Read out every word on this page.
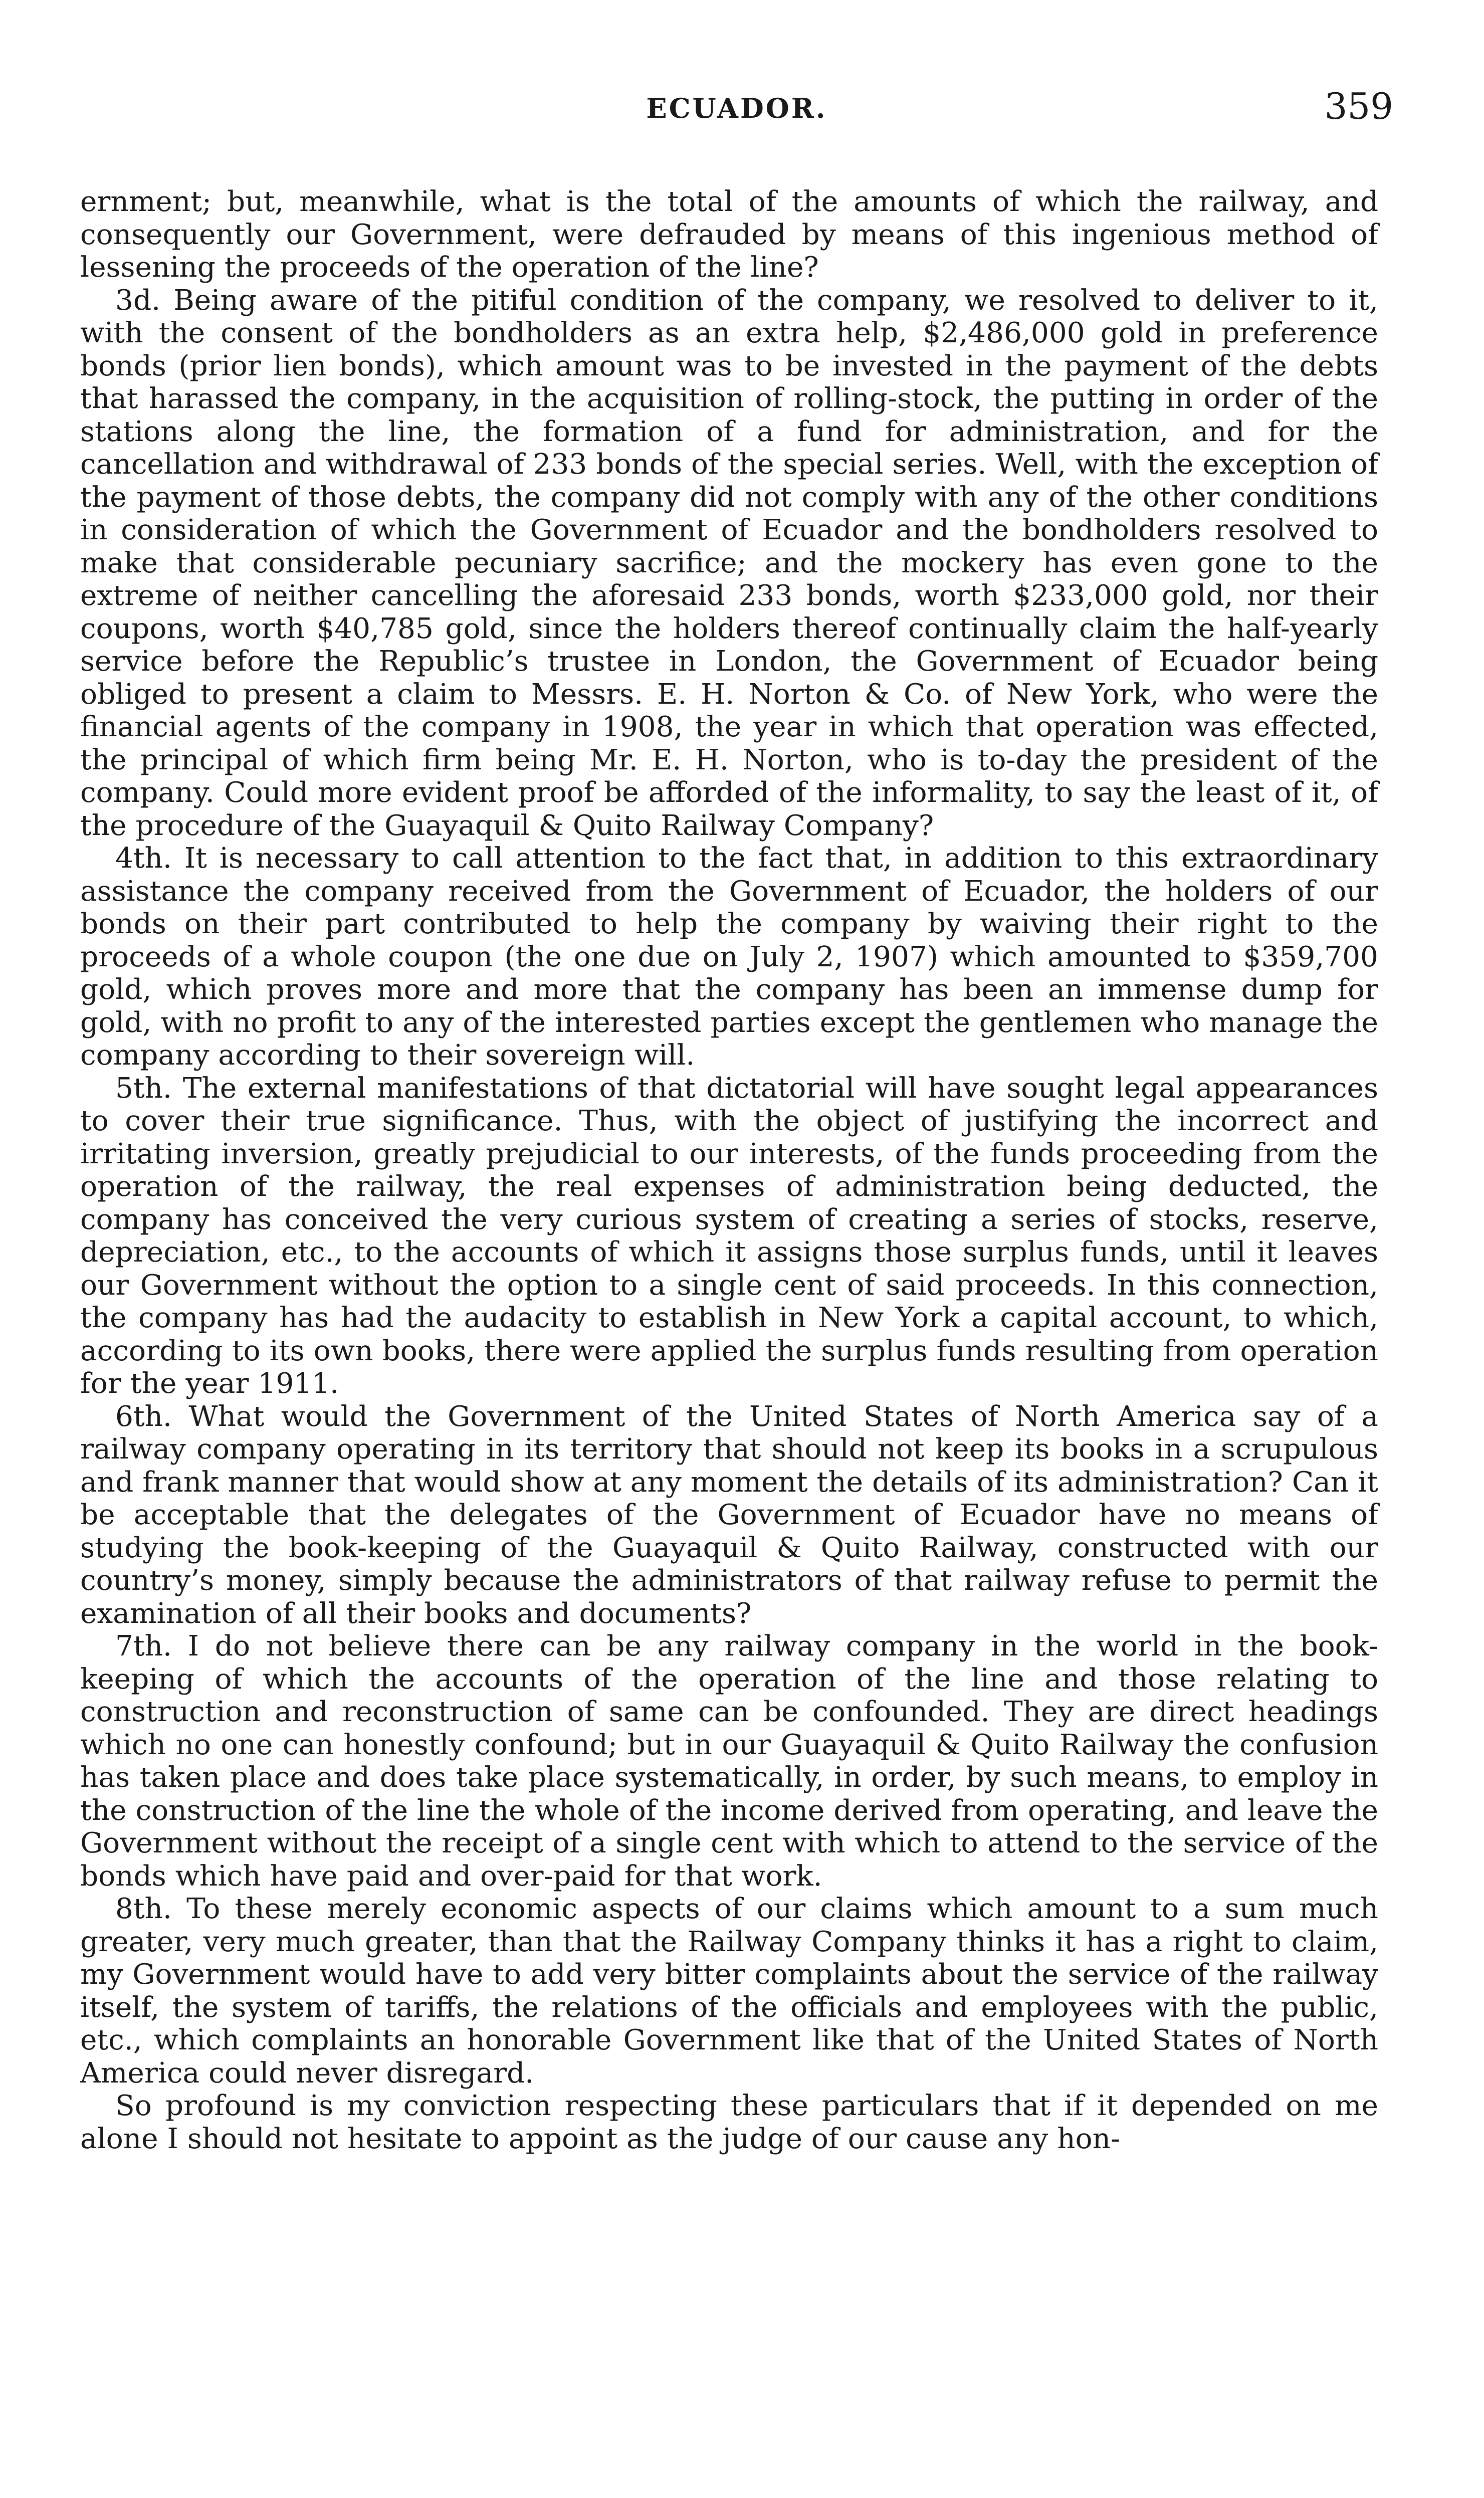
ECUADOR.	359

ernment; but, meanwhile, what is the total of the amounts of which the railway, and consequently our Government, were defrauded by means of this ingenious method of lessening the proceeds of the operation of the line?

3d. Being aware of the pitiful condition of the company, we resolved to deliver to it, with the consent of the bondholders as an extra help, $2,486,000 gold in preference bonds (prior lien bonds), which amount was to be invested in the payment of the debts that harassed the company, in the acquisition of rolling-stock, the putting in order of the stations along the line, the formation of a fund for administration, and for the cancellation and withdrawal of 233 bonds of the special series. Well, with the exception of the payment of those debts, the company did not comply with any of the other conditions in consideration of which the Government of Ecuador and the bondholders resolved to make that considerable pecuniary sacrifice; and the mockery has even gone to the extreme of neither cancelling the aforesaid 233 bonds, worth $233,000 gold, nor their coupons, worth $40,785 gold, since the holders thereof continually claim the half-yearly service before the Republic’s trustee in London, the Government of Ecuador being obliged to present a claim to Messrs. E. H. Norton & Co. of New York, who were the financial agents of the company in 1908, the year in which that operation was effected, the principal of which firm being Mr. E. H. Norton, who is to-day the president of the company. Could more evident proof be afforded of the informality, to say the least of it, of the procedure of the Guayaquil & Quito Railway Company?

4th. It is necessary to call attention to the fact that, in addition to this extraordinary assistance the company received from the Government of Ecuador, the holders of our bonds on their part contributed to help the company by waiving their right to the proceeds of a whole coupon (the one due on July 2, 1907) which amounted to $359,700 gold, which proves more and more that the company has been an immense dump for gold, with no profit to any of the interested parties except the gentlemen who manage the company according to their sovereign will.

5th. The external manifestations of that dictatorial will have sought legal appearances to cover their true significance. Thus, with the object of justifying the incorrect and irritating inversion, greatly prejudicial to our interests, of the funds proceeding from the operation of the railway, the real expenses of administration being deducted, the company has conceived the very curious system of creating a series of stocks, reserve, depreciation, etc., to the accounts of which it assigns those surplus funds, until it leaves our Government without the option to a single cent of said proceeds. In this connection, the company has had the audacity to establish in New York a capital account, to which, according to its own books, there were applied the surplus funds resulting from operation for the year 1911.

6th. What would the Government of the United States of North America say of a railway company operating in its territory that should not keep its books in a scrupulous and frank manner that would show at any moment the details of its administration? Can it be acceptable that the delegates of the Government of Ecuador have no means of studying the book-keeping of the Guayaquil & Quito Railway, constructed with our country’s money, simply because the administrators of that railway refuse to permit the examination of all their books and documents?

7th. I do not believe there can be any railway company in the world in the book-keeping of which the accounts of the operation of the line and those relating to construction and reconstruction of same can be confounded. They are direct headings which no one can honestly confound; but in our Guayaquil & Quito Railway the confusion has taken place and does take place systematically, in order, by such means, to employ in the construction of the line the whole of the income derived from operating, and leave the Government without the receipt of a single cent with which to attend to the service of the bonds which have paid and over-paid for that work.

8th. To these merely economic aspects of our claims which amount to a sum much greater, very much greater, than that the Railway Company thinks it has a right to claim, my Government would have to add very bitter complaints about the service of the railway itself, the system of tariffs, the relations of the officials and employees with the public, etc., which complaints an honorable Government like that of the United States of North America could never disregard.

So profound is my conviction respecting these particulars that if it depended on me alone I should not hesitate to appoint as the judge of our cause any hon-
